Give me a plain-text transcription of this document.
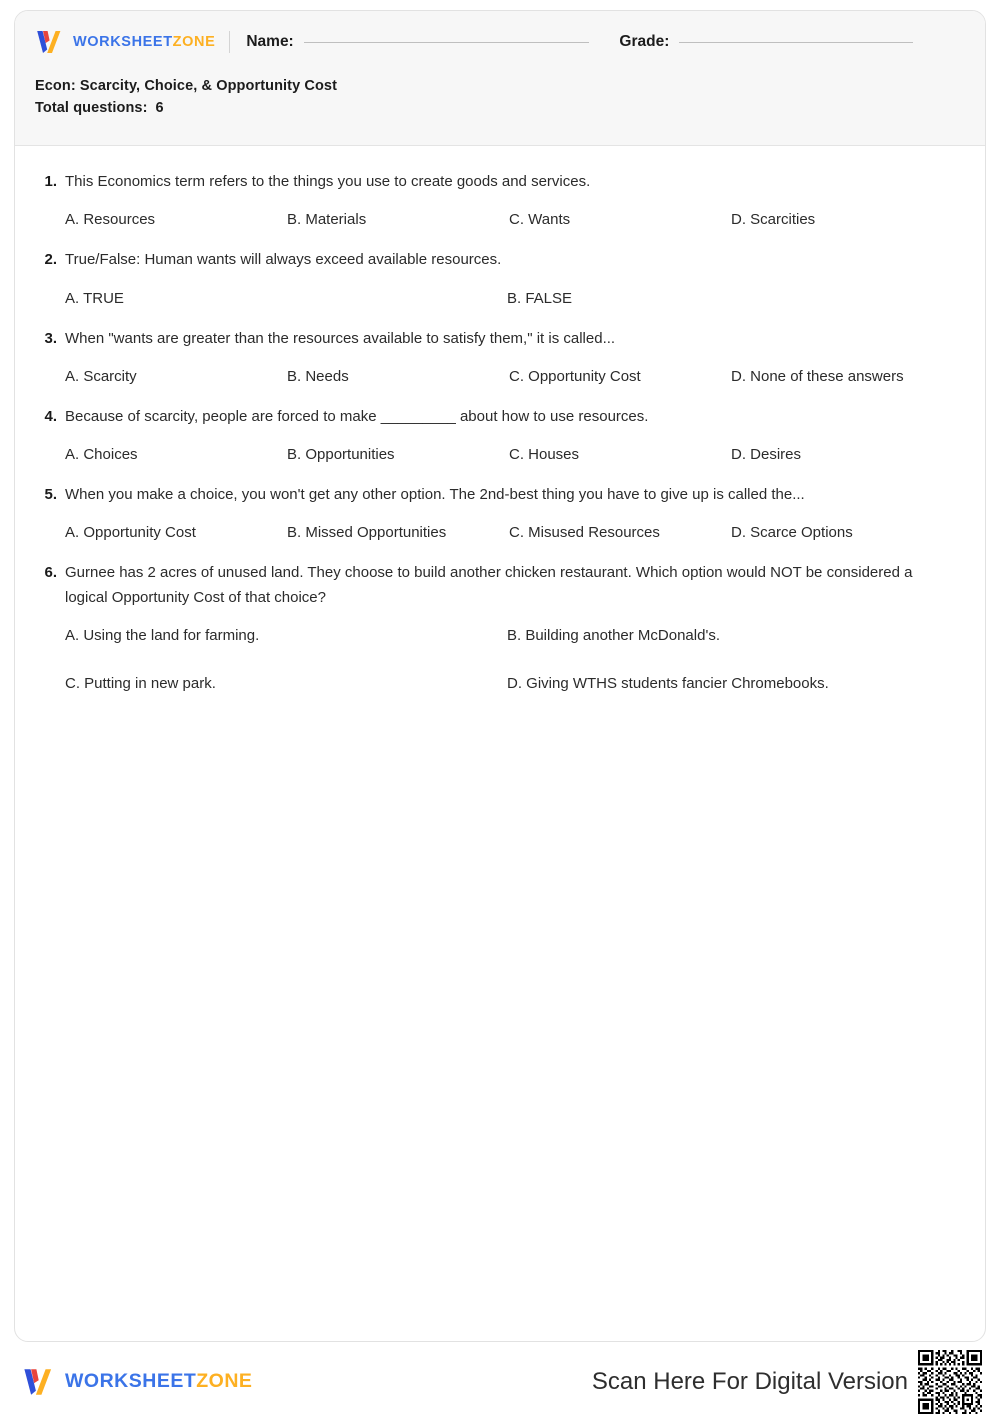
WORKSHEETZONE Name:	Grade:
Econ: Scarcity, Choice, & Opportunity Cost
Total questions: 6
1. This Economics term refers to the things you use to create goods and services.
A. Resources	B. Materials	C. Wants	D. Scarcities
2. True/False: Human wants will always exceed available resources.
A. TRUE	B. FALSE
3. When "wants are greater than the resources available to satisfy them," it is called...
A. Scarcity	B. Needs	C. Opportunity Cost	D. None of these answers
4. Because of scarcity, people are forced to make _________ about how to use resources.
A. Choices	B. Opportunities	C. Houses	D. Desires
5. When you make a choice, you won't get any other option. The 2nd-best thing you have to give up is called the...
A. Opportunity Cost	B. Missed Opportunities	C. Misused Resources	D. Scarce Options
6. Gurnee has 2 acres of unused land. They choose to build another chicken restaurant. Which option would NOT be considered a logical Opportunity Cost of that choice?
A. Using the land for farming.	B. Building another McDonald's.
C. Putting in new park.	D. Giving WTHS students fancier Chromebooks.
WORKSHEETZONE	Scan Here For Digital Version
